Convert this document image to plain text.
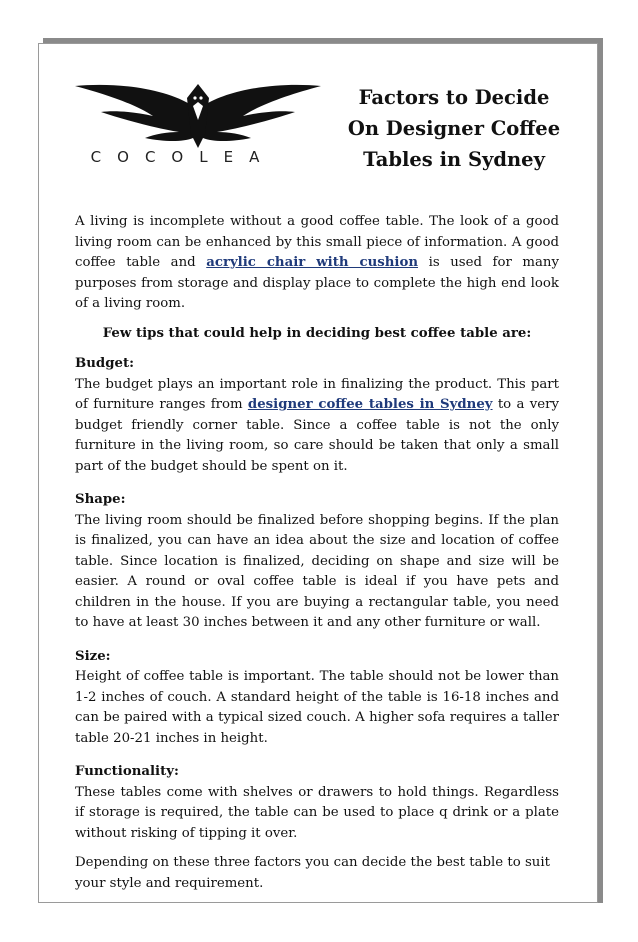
COCOLEA
Factors to Decide
On Designer Coffee
Tables in Sydney

A living is incomplete without a good coffee table. The look of a good living room can be enhanced by this small piece of information. A good coffee table and acrylic chair with cushion is used for many purposes from storage and display place to complete the high end look of a living room.

Few tips that could help in deciding best coffee table are:
Budget:

The budget plays an important role in finalizing the product. This part of furniture ranges from designer coffee tables in Sydney to a very budget friendly corner table. Since a coffee table is not the only furniture in the living room, so care should be taken that only a small part of the budget should be spent on it.

Shape:

The living room should be finalized before shopping begins. If the plan is finalized, you can have an idea about the size and location of coffee table. Since location is finalized, deciding on shape and size will be easier. A round or oval coffee table is ideal if you have pets and children in the house. If you are buying a rectangular table, you need to have at least 30 inches between it and any other furniture or wall.

Size:

Height of coffee table is important. The table should not be lower than 1-2 inches of couch. A standard height of the table is 16-18 inches and can be paired with a typical sized couch. A higher sofa requires a taller table 20-21 inches in height.

Functionality:

These tables come with shelves or drawers to hold things. Regardless if storage is required, the table can be used to place q drink or a plate without risking of tipping it over.

Depending on these three factors you can decide the best table to suit your style and requirement.
